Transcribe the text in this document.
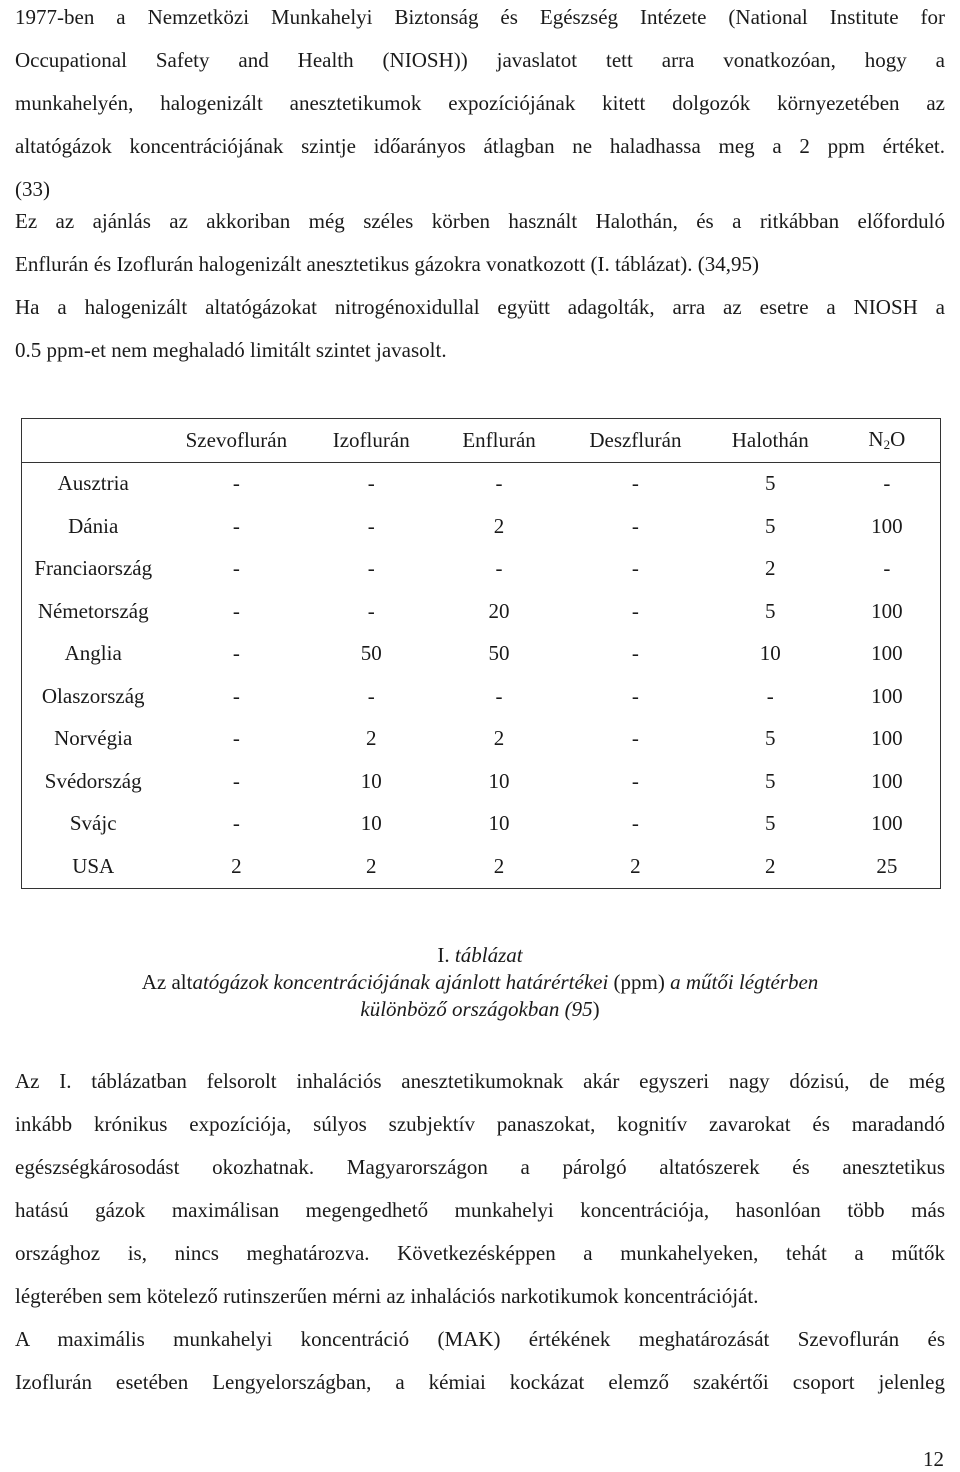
1977-ben a Nemzetközi Munkahelyi Biztonság és Egészség Intézete (National Institute for
Occupational Safety and Health (NIOSH)) javaslatot tett arra vonatkozóan, hogy a
munkahelyén, halogenizált anesztetikumok expozíciójának kitett dolgozók környezetében az
altatógázok koncentrációjának szintje időarányos átlagban ne haladhassa meg a 2 ppm értéket.
(33)
Ez az ajánlás az akkoriban még széles körben használt Halothán, és a ritkábban előforduló
Enflurán és Izoflurán halogenizált anesztetikus gázokra vonatkozott (I. táblázat). (34,95)
Ha a halogenizált altatógázokat nitrogénoxidullal együtt adagolták, arra az esetre a NIOSH a
0.5 ppm-et nem meghaladó limitált szintet javasolt.
	Szevoflurán	Izoflurán	Enflurán	Deszflurán	Halothán	$N_2O$
Ausztria	-	-	-	-	5	-
Dánia	-	-	2	-	5	100
Franciaország	-	-	-	-	2	-
Németország	-	-	20	-	5	100
Anglia	-	50	50	-	10	100
Olaszország	-	-	-	-	-	100
Norvégia	-	2	2	-	5	100
Svédország	-	10	10	-	5	100
Svájc	-	10	10	-	5	100
USA	2	2	2	2	2	25
I. táblázat
Az altatógázok koncentrációjának ajánlott határértékei (ppm) a műtői légtérben
különböző országokban (95)
Az I. táblázatban felsorolt inhalációs anesztetikumoknak akár egyszeri nagy dózisú, de még
inkább krónikus expozíciója, súlyos szubjektív panaszokat, kognitív zavarokat és maradandó
egészségkárosodást okozhatnak. Magyarországon a párolgó altatószerek és anesztetikus
hatású gázok maximálisan megengedhető munkahelyi koncentrációja, hasonlóan több más
országhoz is, nincs meghatározva. Következésképpen a munkahelyeken, tehát a műtők
légterében sem kötelező rutinszerűen mérni az inhalációs narkotikumok koncentrációját.
A maximális munkahelyi koncentráció (MAK) értékének meghatározását Szevoflurán és
Izoflurán esetében Lengyelországban, a kémiai kockázat elemző szakértői csoport jelenleg
12
